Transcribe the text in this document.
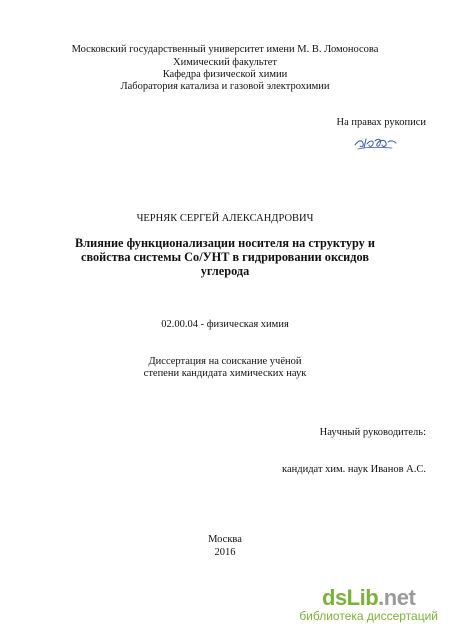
Московский государственный университет имени М. В. Ломоносова
Химический факультет
Кафедра физической химии
Лаборатория катализа и газовой электрохимии
На правах рукописи
ЧЕРНЯК СЕРГЕЙ АЛЕКСАНДРОВИЧ
Влияние функционализации носителя на структуру и
свойства системы Co/УНТ в гидрировании оксидов
углерода
02.00.04 - физическая химия
Диссертация на соискание учёной
степени кандидата химических наук
Научный руководитель:
кандидат хим. наук Иванов А.С.
Москва
2016
dsLib.net
библиотека диссертаций
